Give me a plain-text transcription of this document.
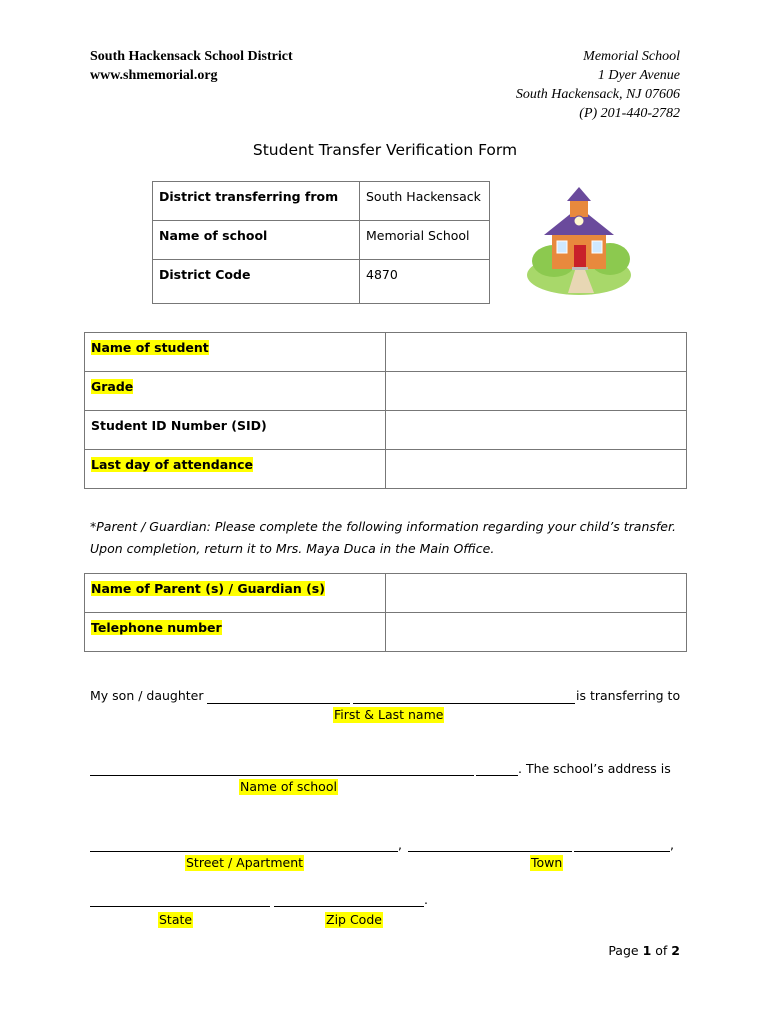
South Hackensack School District
www.shmemorial.org
Memorial School
1 Dyer Avenue
South Hackensack, NJ 07606
(P) 201-440-2782
Student Transfer Verification Form
District transferring from	South Hackensack
Name of school	Memorial School
District Code	4870
Name of student	
Grade	
Student ID Number (SID)	
Last day of attendance	
*Parent / Guardian: Please complete the following information regarding your child’s transfer.
Upon completion, return it to Mrs. Maya Duca in the Main Office.
Name of Parent (s) / Guardian (s)	
Telephone number	
My son / daughter	is transferring to
First & Last name
. The school’s address is
Name of school
,	,
Street / Apartment	Town
.
State	Zip Code
Page 1 of 2
